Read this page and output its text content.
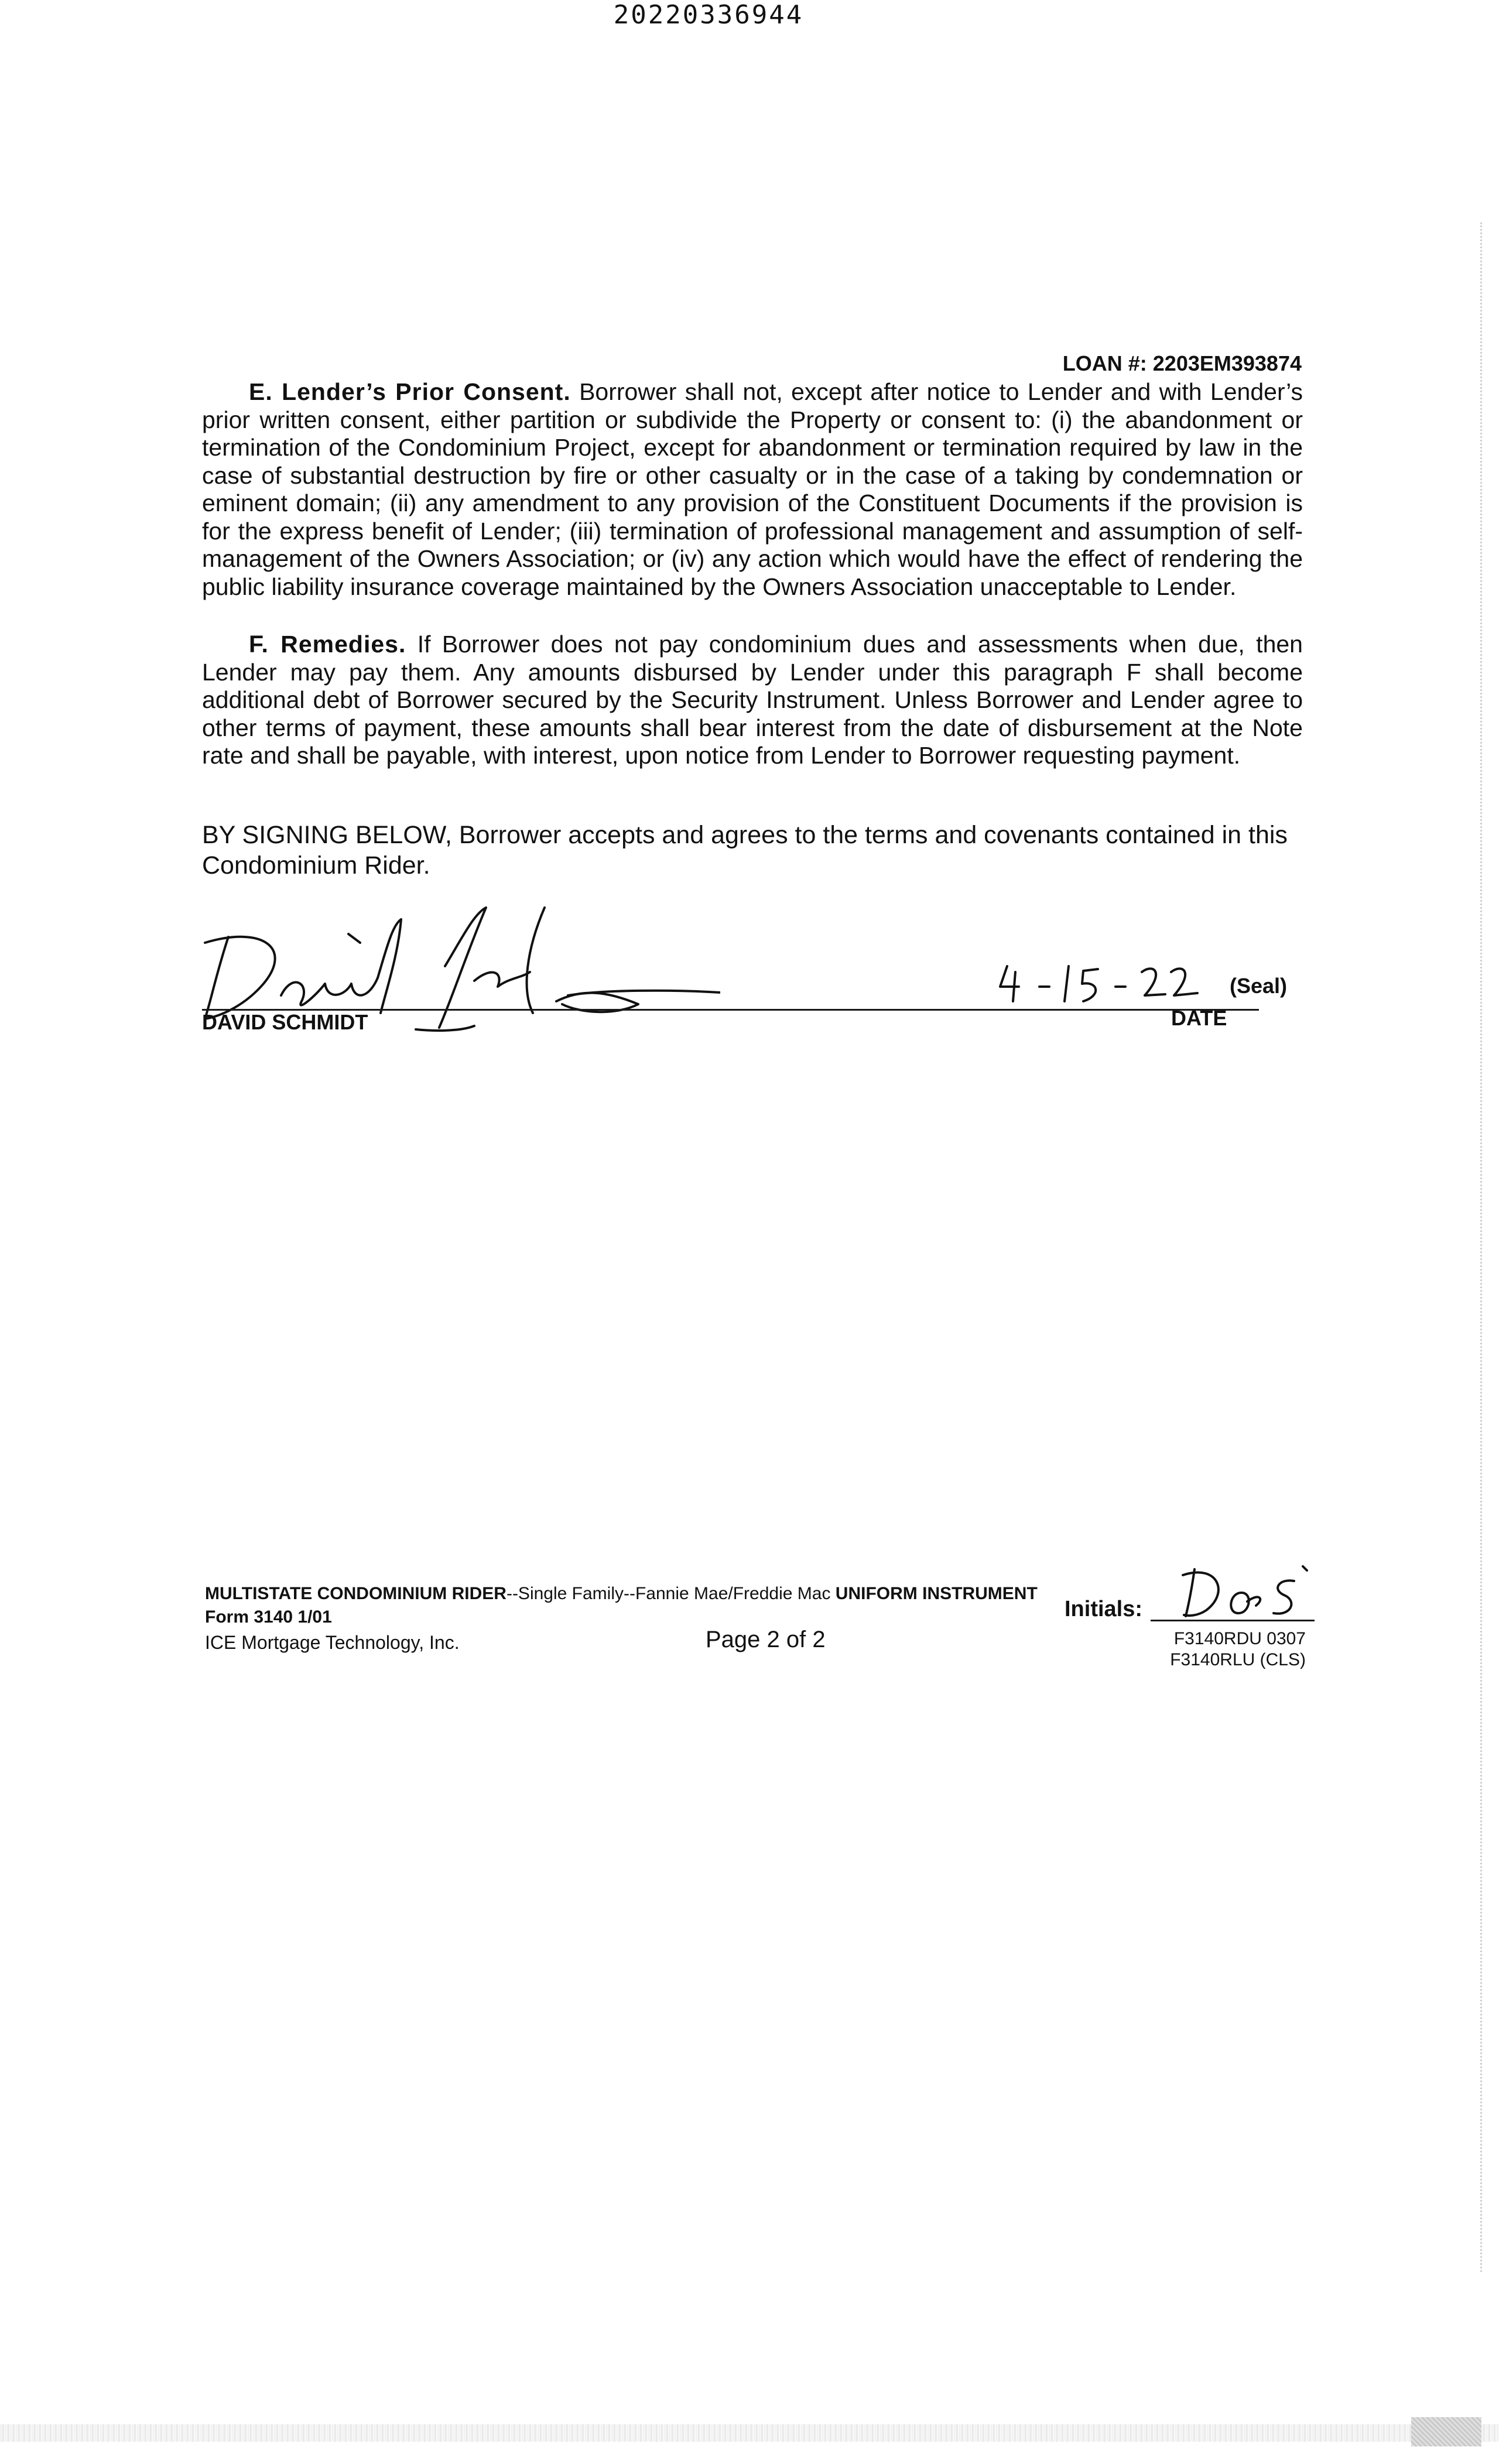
20220336944
LOAN #: 2203EM393874

E. Lender’s Prior Consent. Borrower shall not, except after notice to Lender and with Lender’s prior written consent, either partition or subdivide the Property or consent to: (i) the abandonment or termination of the Condominium Project, except for abandonment or termination required by law in the case of substantial destruction by fire or other casualty or in the case of a taking by condemnation or eminent domain; (ii) any amendment to any provision of the Constituent Documents if the provision is for the express benefit of Lender; (iii) termination of professional management and assumption of self-management of the Owners Association; or (iv) any action which would have the effect of rendering the public liability insurance coverage maintained by the Owners Association unacceptable to Lender.

F. Remedies. If Borrower does not pay condominium dues and assessments when due, then Lender may pay them. Any amounts disbursed by Lender under this paragraph F shall become additional debt of Borrower secured by the Security Instrument. Unless Borrower and Lender agree to other terms of payment, these amounts shall bear interest from the date of disbursement at the Note rate and shall be payable, with interest, upon notice from Lender to Borrower requesting payment.

BY SIGNING BELOW, Borrower accepts and agrees to the terms and covenants contained in this Condominium Rider.
(Seal)
DAVID SCHMIDT	DATE
MULTISTATE CONDOMINIUM RIDER--Single Family--Fannie Mae/Freddie Mac UNIFORM INSTRUMENT
Form 3140 1/01
ICE Mortgage Technology, Inc.	Page 2 of 2
Initials:
F3140RDU 0307
F3140RLU (CLS)
